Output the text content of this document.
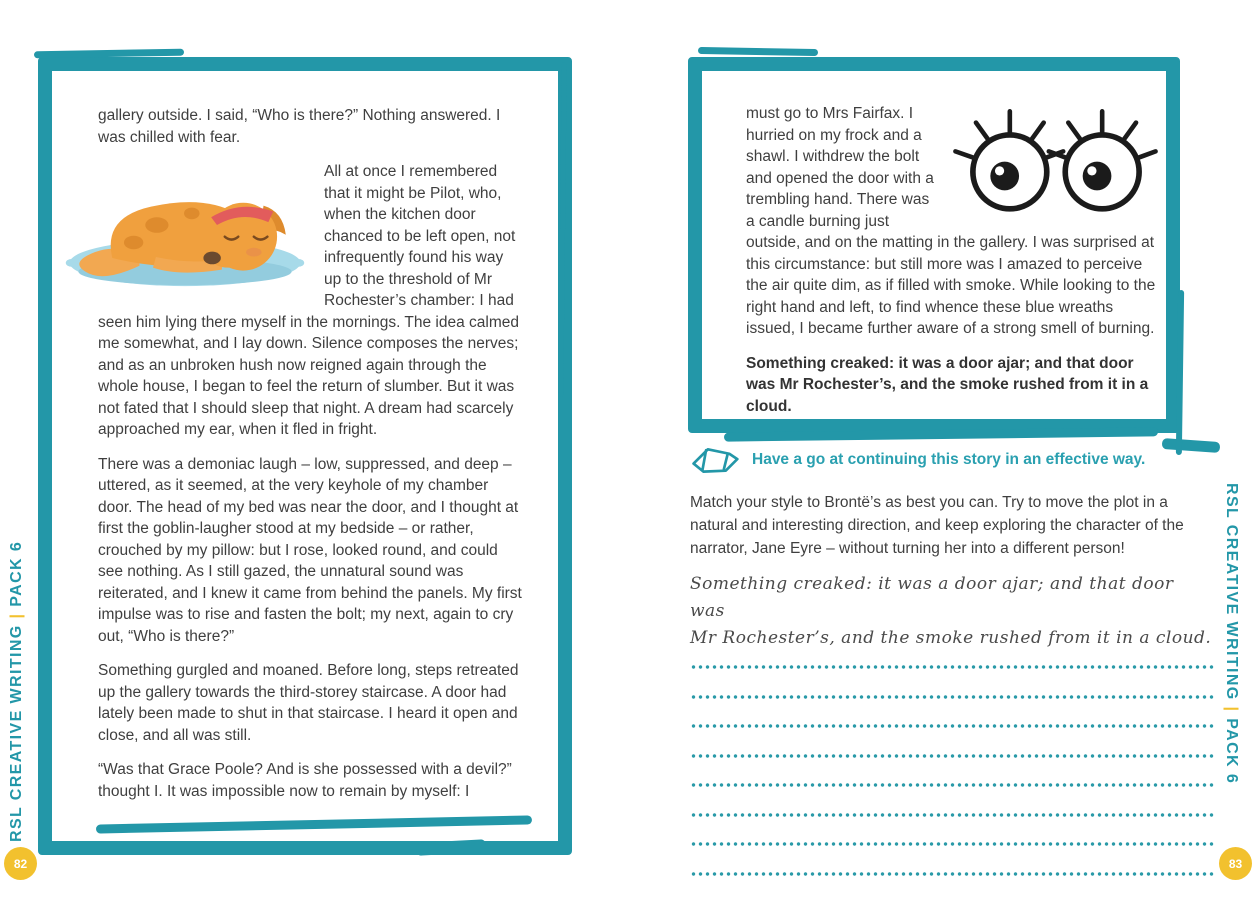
gallery outside. I said, “Who is there?” Nothing answered. I was chilled with fear.

All at once I remembered that it might be Pilot, who, when the kitchen door chanced to be left open, not infrequently found his way up to the threshold of Mr Rochester’s chamber: I had seen him lying there myself in the mornings. The idea calmed me somewhat, and I lay down. Silence composes the nerves; and as an unbroken hush now reigned again through the whole house, I began to feel the return of slumber. But it was not fated that I should sleep that night. A dream had scarcely approached my ear, when it fled in fright.

There was a demoniac laugh – low, suppressed, and deep – uttered, as it seemed, at the very keyhole of my chamber door. The head of my bed was near the door, and I thought at first the goblin-laugher stood at my bedside – or rather, crouched by my pillow: but I rose, looked round, and could see nothing. As I still gazed, the unnatural sound was reiterated, and I knew it came from behind the panels. My first impulse was to rise and fasten the bolt; my next, again to cry out, “Who is there?”

Something gurgled and moaned. Before long, steps retreated up the gallery towards the third-storey staircase. A door had lately been made to shut in that staircase. I heard it open and close, and all was still.

“Was that Grace Poole? And is she possessed with a devil?” thought I. It was impossible now to remain by myself: I

must go to Mrs Fairfax. I hurried on my frock and a shawl. I withdrew the bolt and opened the door with a trembling hand. There was a candle burning just outside, and on the matting in the gallery. I was surprised at this circumstance: but still more was I amazed to perceive the air quite dim, as if filled with smoke. While looking to the right hand and left, to find whence these blue wreaths issued, I became further aware of a strong smell of burning.

Something creaked: it was a door ajar; and that door was Mr Rochester’s, and the smoke rushed from it in a cloud.

Have a go at continuing this story in an effective way.

Match your style to Brontë’s as best you can. Try to move the plot in a natural and interesting direction, and keep exploring the character of the narrator, Jane Eyre – without turning her into a different person!

Something creaked: it was a door ajar; and that door was
Mr Rochester’s, and the smoke rushed from it in a cloud.
RSL CREATIVE WRITING | PACK 6
82
RSL CREATIVE WRITING | PACK 6
83
